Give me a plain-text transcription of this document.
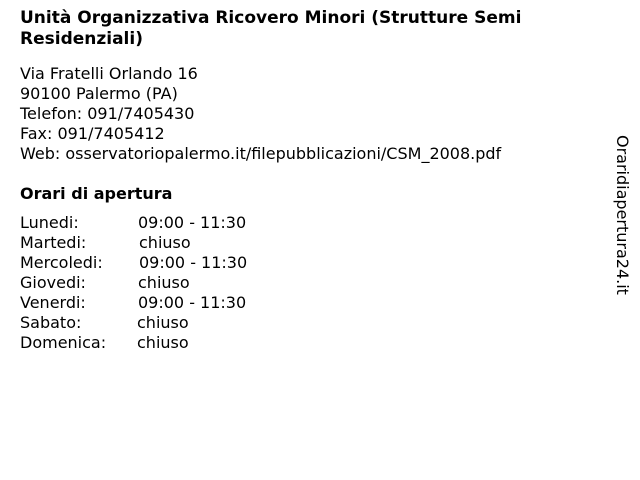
Unità Organizzativa Ricovero Minori (Strutture Semi Residenziali)
Via Fratelli Orlando 16
90100 Palermo (PA)
Telefon: 091/7405430
Fax: 091/7405412
Web: osservatoriopalermo.it/filepubblicazioni/CSM_2008.pdf
Orari di apertura
Lunedi:	09:00 - 11:30
Martedi:	chiuso
Mercoledi: 09:00 - 11:30
Giovedi:	chiuso
Venerdi:	09:00 - 11:30
Sabato:	chiuso
Domenica: chiuso
Oraridiapertura24.it
